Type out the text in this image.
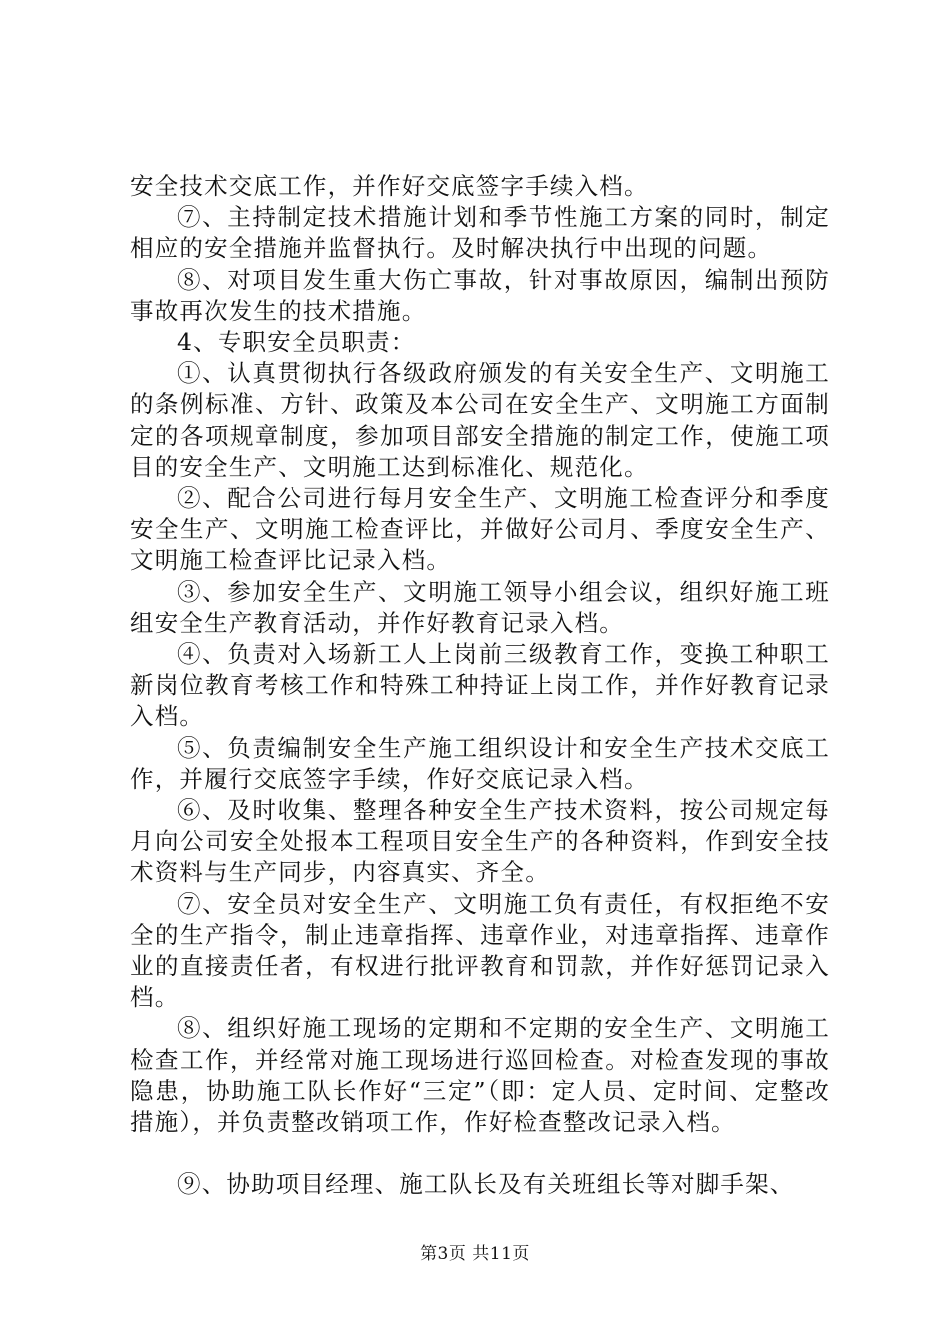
安全技术交底工作，并作好交底签字手续入档。

⑦、主持制定技术措施计划和季节性施工方案的同时，制定相应的安全措施并监督执行。及时解决执行中出现的问题。

⑧、对项目发生重大伤亡事故，针对事故原因，编制出预防事故再次发生的技术措施。

4、专职安全员职责：

①、认真贯彻执行各级政府颁发的有关安全生产、文明施工的条例标准、方针、政策及本公司在安全生产、文明施工方面制定的各项规章制度，参加项目部安全措施的制定工作，使施工项目的安全生产、文明施工达到标准化、规范化。

②、配合公司进行每月安全生产、文明施工检查评分和季度安全生产、文明施工检查评比，并做好公司月、季度安全生产、文明施工检查评比记录入档。

③、参加安全生产、文明施工领导小组会议，组织好施工班组安全生产教育活动，并作好教育记录入档。

④、负责对入场新工人上岗前三级教育工作，变换工种职工新岗位教育考核工作和特殊工种持证上岗工作，并作好教育记录入档。

⑤、负责编制安全生产施工组织设计和安全生产技术交底工作，并履行交底签字手续，作好交底记录入档。

⑥、及时收集、整理各种安全生产技术资料，按公司规定每月向公司安全处报本工程项目安全生产的各种资料，作到安全技术资料与生产同步，内容真实、齐全。

⑦、安全员对安全生产、文明施工负有责任，有权拒绝不安全的生产指令，制止违章指挥、违章作业，对违章指挥、违章作业的直接责任者，有权进行批评教育和罚款，并作好惩罚记录入档。

⑧、组织好施工现场的定期和不定期的安全生产、文明施工检查工作，并经常对施工现场进行巡回检查。对检查发现的事故隐患，协助施工队长作好“三定”（即：定人员、定时间、定整改措施），并负责整改销项工作，作好检查整改记录入档。

⑨、协助项目经理、施工队长及有关班组长等对脚手架、

第3页 共11页
